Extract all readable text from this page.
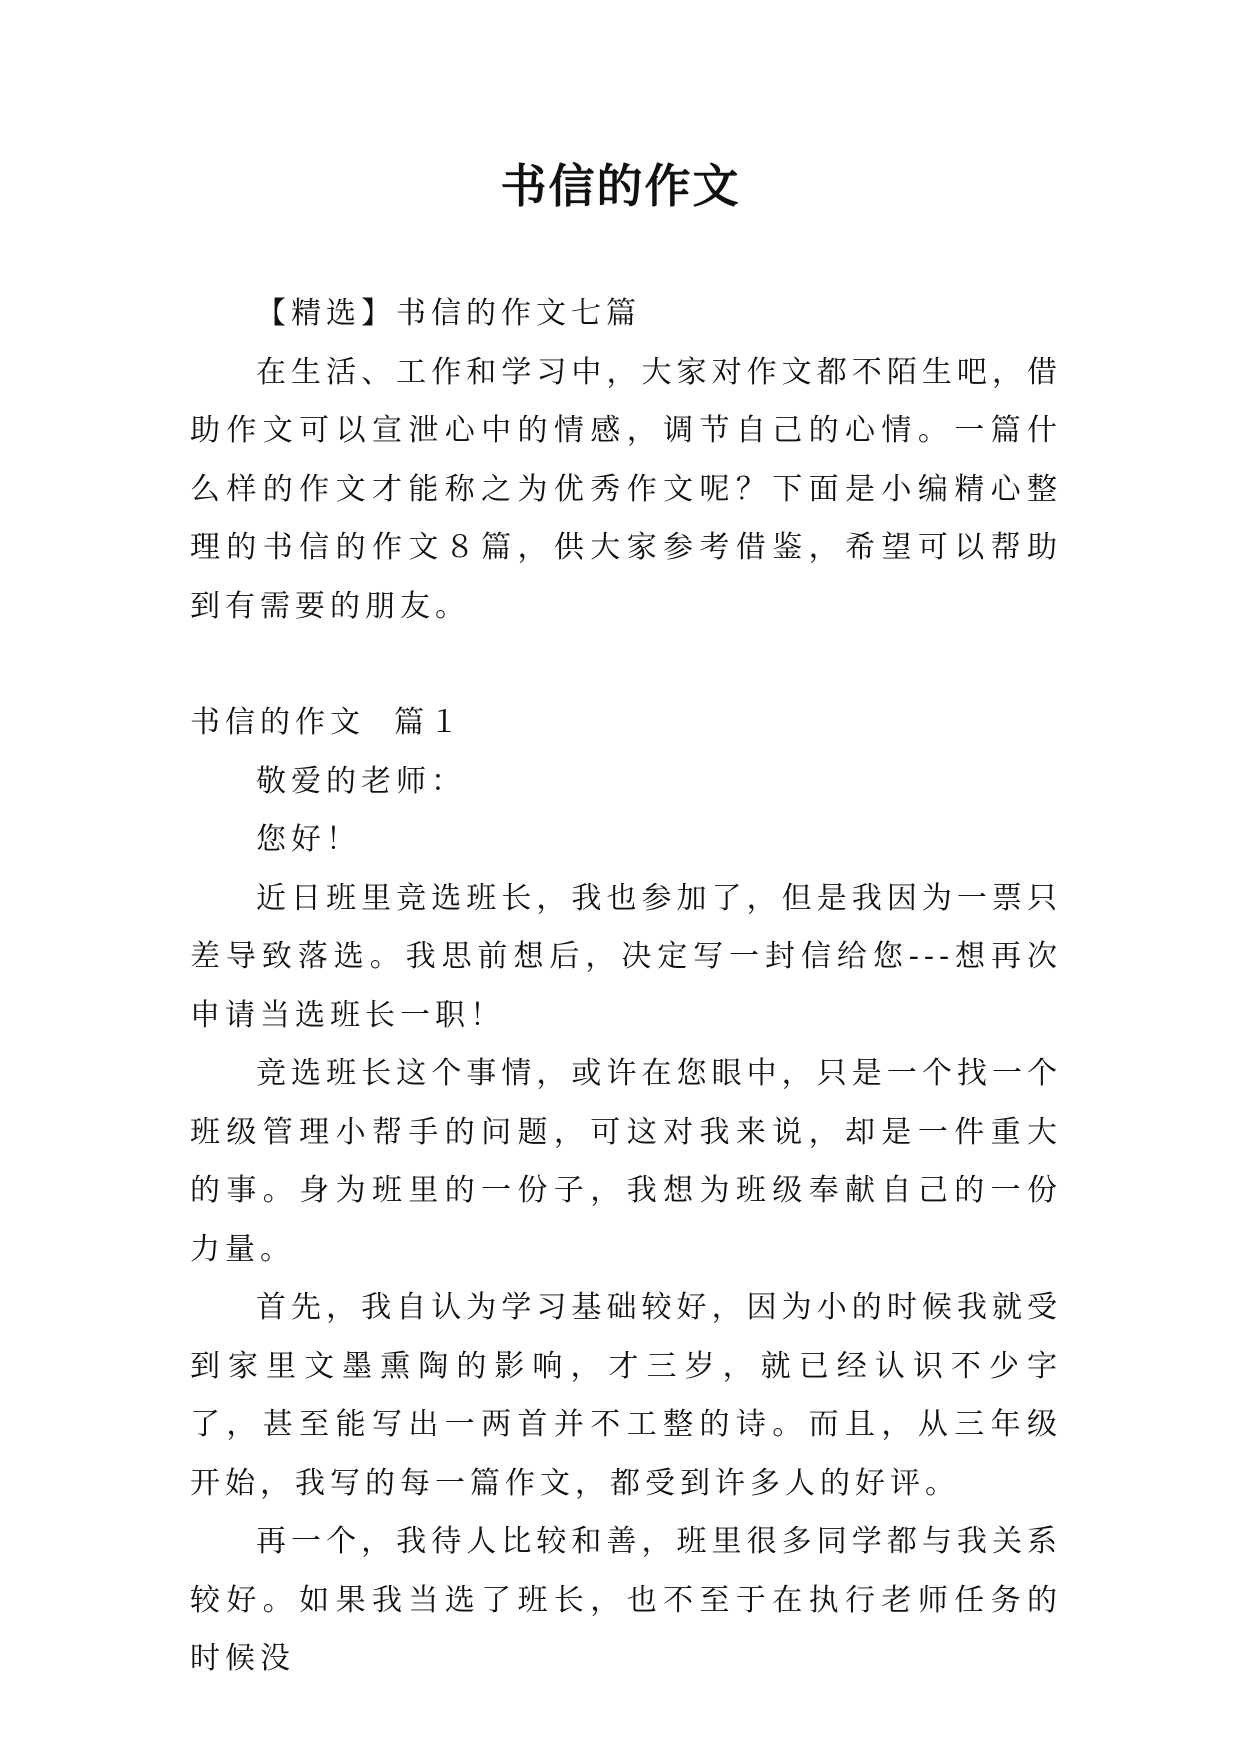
书信的作文

【精选】书信的作文七篇

在生活、工作和学习中，大家对作文都不陌生吧，借助作文可以宣泄心中的情感，调节自己的心情。一篇什么样的作文才能称之为优秀作文呢？下面是小编精心整理的书信的作文８篇，供大家参考借鉴，希望可以帮助到有需要的朋友。

书信的作文  篇１

敬爱的老师：

您好！

近日班里竞选班长，我也参加了，但是我因为一票只差导致落选。我思前想后，决定写一封信给您---想再次申请当选班长一职！

竞选班长这个事情，或许在您眼中，只是一个找一个班级管理小帮手的问题，可这对我来说，却是一件重大的事。身为班里的一份子，我想为班级奉献自己的一份力量。

首先，我自认为学习基础较好，因为小的时候我就受到家里文墨熏陶的影响，才三岁，就已经认识不少字了，甚至能写出一两首并不工整的诗。而且，从三年级开始，我写的每一篇作文，都受到许多人的好评。

再一个，我待人比较和善，班里很多同学都与我关系较好。如果我当选了班长，也不至于在执行老师任务的时候没
